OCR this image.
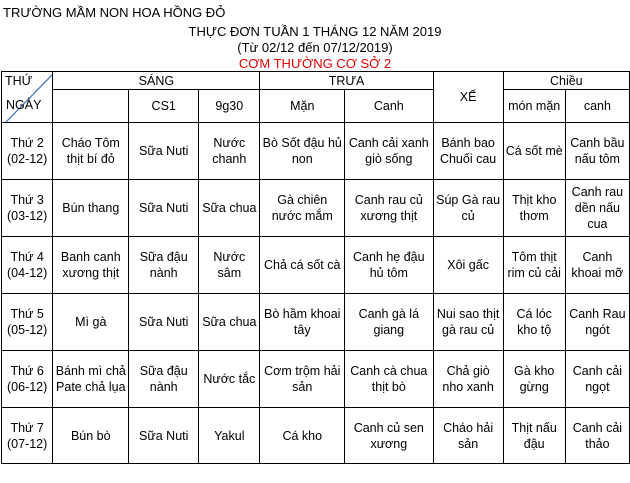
TRƯỜNG MẦM NON HOA HỒNG ĐỎ
THỰC ĐƠN TUẦN 1 THÁNG 12 NĂM 2019
(Từ 02/12 đến 07/12/2019)
CƠM THƯỜNG CƠ SỞ 2
THỨ
NGÀY	SÁNG			TRƯA		XẾ	Chiều	
		CS1	9g30	Mặn	Canh		món mặn	canh
Thứ 2
(02-12)	Cháo Tôm thịt bí đỏ	Sữa Nuti	Nước chanh	Bò Sốt đậu hủ non	Canh cải xanh giò sống	Bánh bao Chuối cau	Cá sốt mè	Canh bầu nấu tôm
Thứ 3
(03-12)	Bún thang	Sữa Nuti	Sữa chua	Gà chiên nước mắm	Canh rau củ xương thịt	Súp Gà rau củ	Thịt kho thơm	Canh rau dền nấu cua
Thứ 4
(04-12)	Banh canh xương thịt	Sữa đậu nành	Nước sâm	Chả cá sốt cà	Canh hẹ đậu hủ tôm	Xôi gấc	Tôm thịt rim củ cải	Canh khoai mỡ
Thứ 5
(05-12)	Mì gà	Sữa Nuti	Sữa chua	Bò hầm khoai tây	Canh gà lá giang	Nui sao thịt gà rau củ	Cá lóc kho tộ	Canh Rau ngót
Thứ 6
(06-12)	Bánh mì chả Pate chả lụa	Sữa đậu nành	Nước tắc	Cơm trộm hải sản	Canh cà chua thịt bò	Chả giò nho xanh	Gà kho gừng	Canh cải ngọt
Thứ 7
(07-12)	Bún bò	Sữa Nuti	Yakul	Cá kho	Canh củ sen xương	Cháo hải sản	Thịt nấu đậu	Canh cải thảo
